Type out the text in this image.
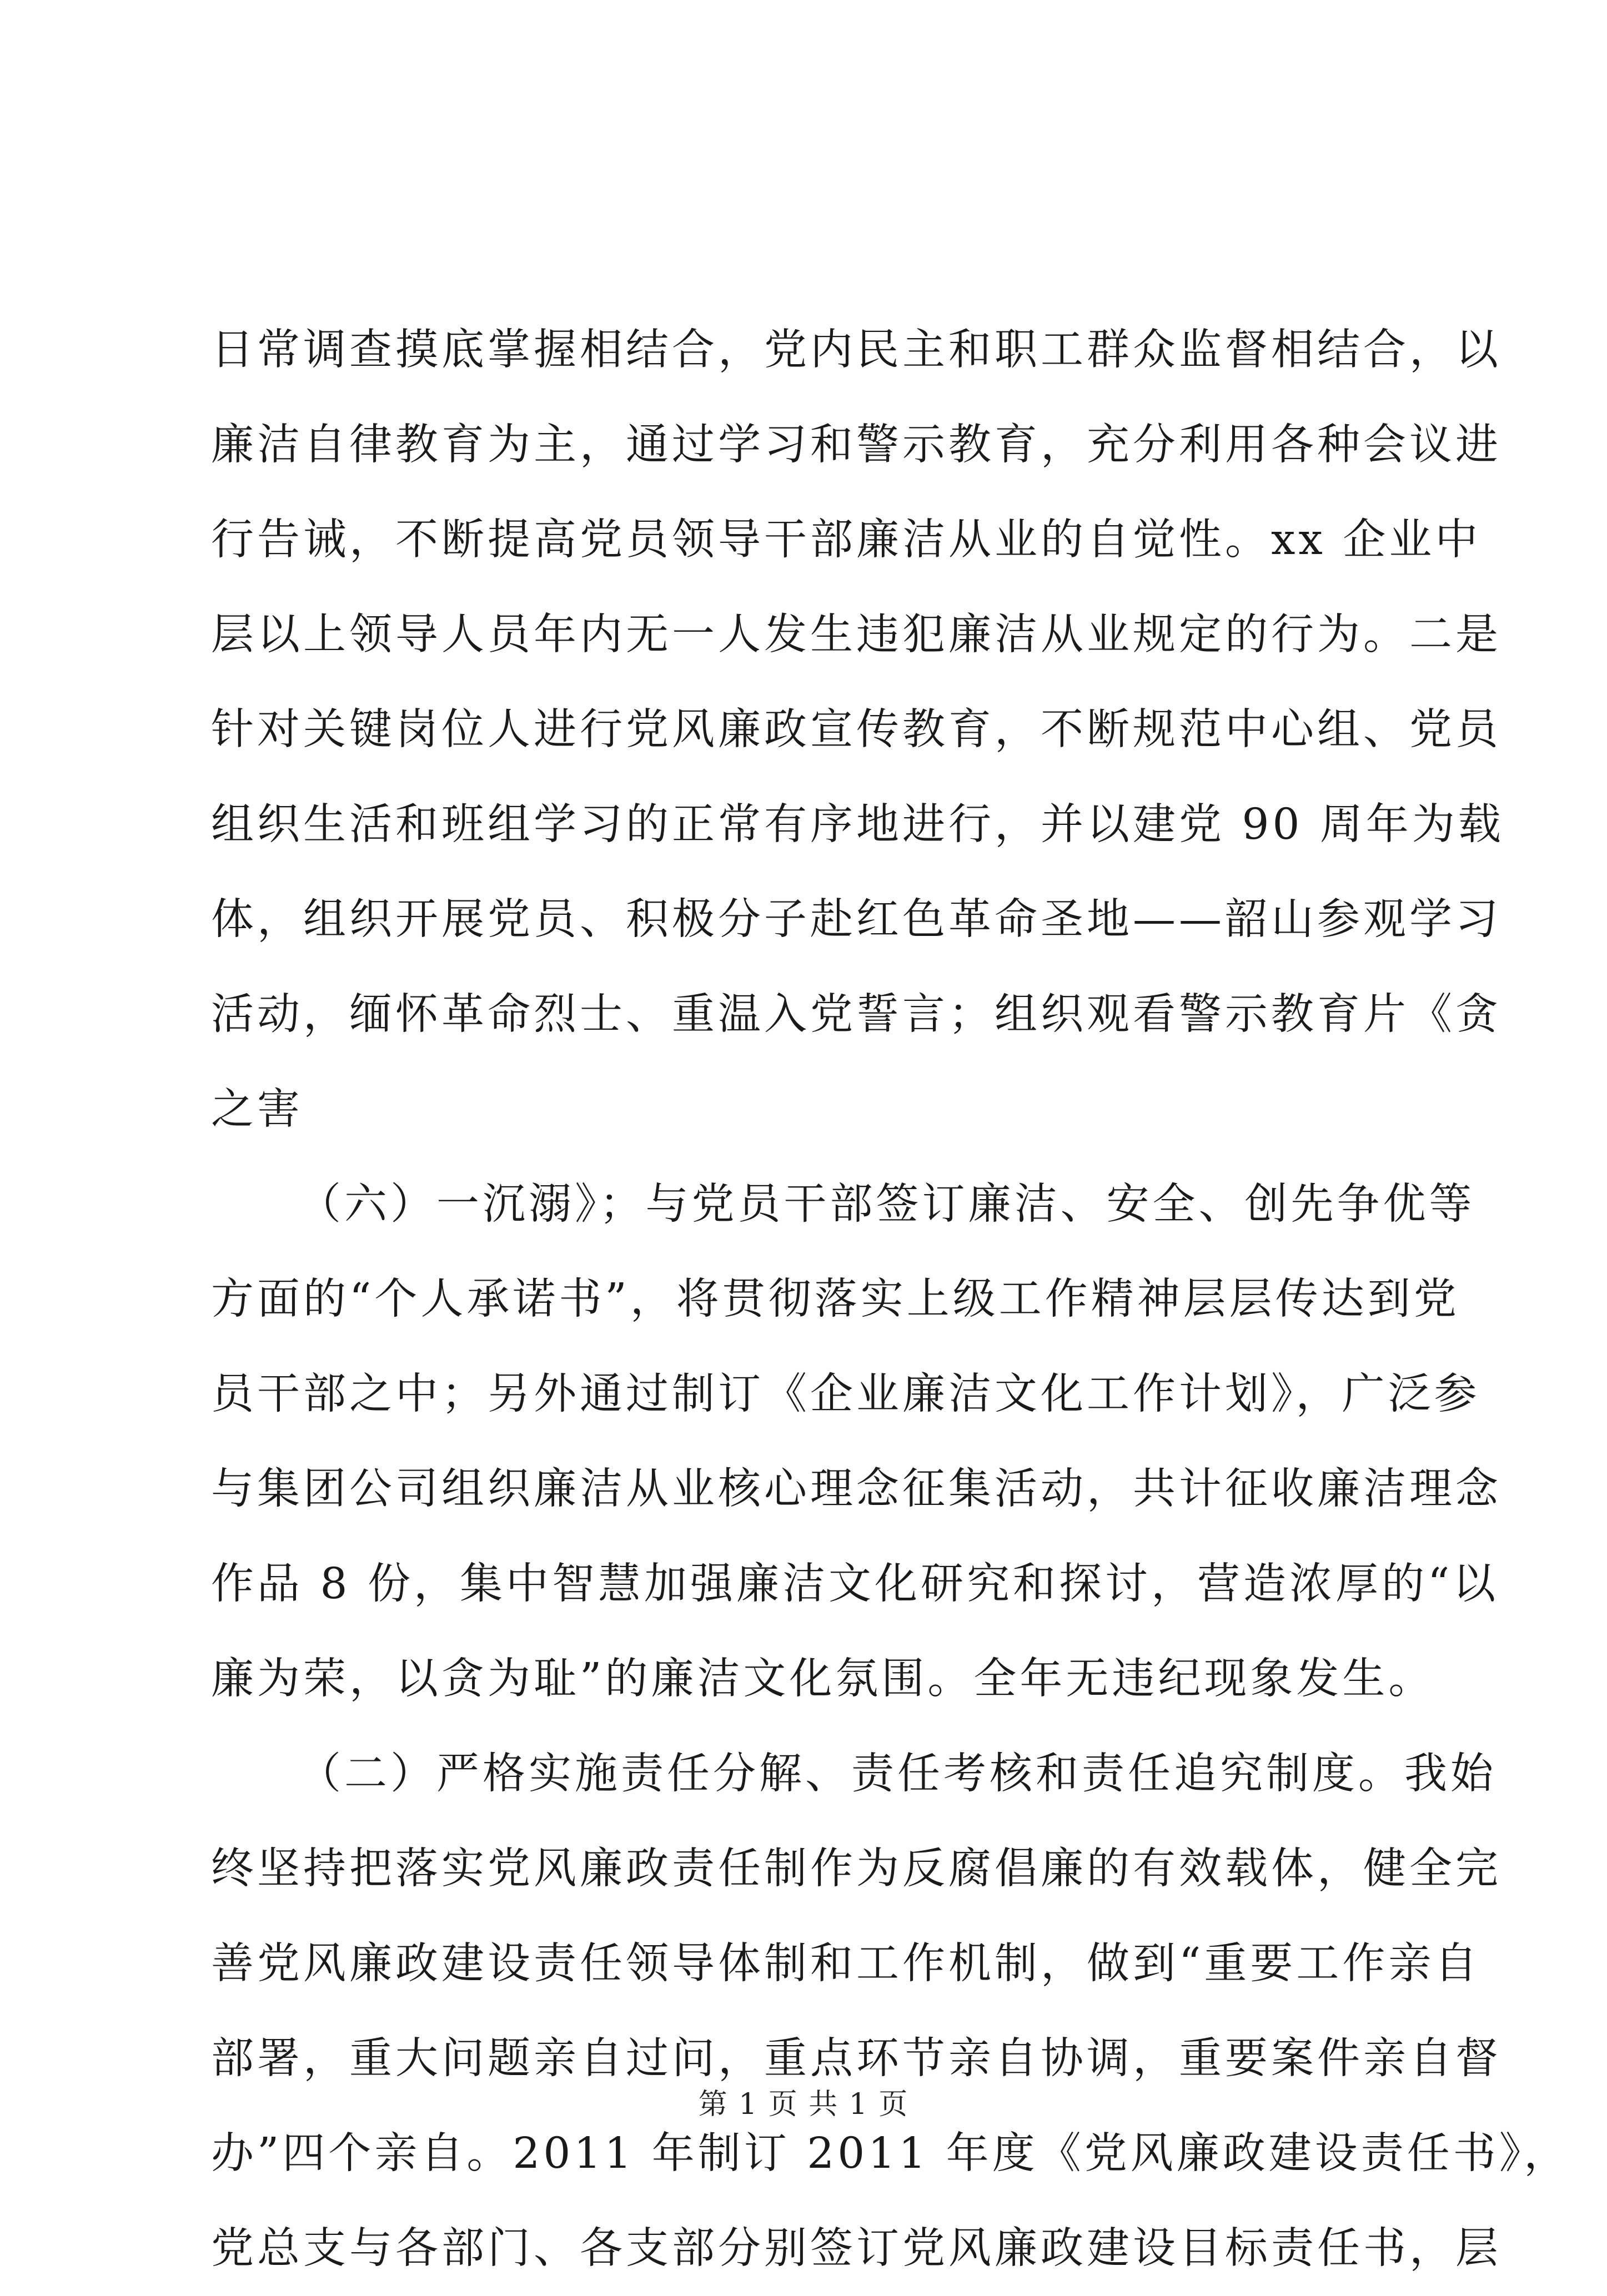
日常调查摸底掌握相结合，党内民主和职工群众监督相结合，以
廉洁自律教育为主，通过学习和警示教育，充分利用各种会议进
行告诫，不断提高党员领导干部廉洁从业的自觉性。xx 企业中
层以上领导人员年内无一人发生违犯廉洁从业规定的行为。二是
针对关键岗位人进行党风廉政宣传教育，不断规范中心组、党员
组织生活和班组学习的正常有序地进行，并以建党 90 周年为载
体，组织开展党员、积极分子赴红色革命圣地——韶山参观学习
活动，缅怀革命烈士、重温入党誓言；组织观看警示教育片《贪
之害
（六）一沉溺》；与党员干部签订廉洁、安全、创先争优等
方面的“个人承诺书”，将贯彻落实上级工作精神层层传达到党
员干部之中；另外通过制订《企业廉洁文化工作计划》，广泛参
与集团公司组织廉洁从业核心理念征集活动，共计征收廉洁理念
作品 8 份，集中智慧加强廉洁文化研究和探讨，营造浓厚的“以
廉为荣，以贪为耻”的廉洁文化氛围。全年无违纪现象发生。
（二）严格实施责任分解、责任考核和责任追究制度。我始
终坚持把落实党风廉政责任制作为反腐倡廉的有效载体，健全完
善党风廉政建设责任领导体制和工作机制，做到“重要工作亲自
部署，重大问题亲自过问，重点环节亲自协调，重要案件亲自督
办”四个亲自。2011 年制订 2011 年度《党风廉政建设责任书》，
党总支与各部门、各支部分别签订党风廉政建设目标责任书，层
第 1 页 共 1 页
